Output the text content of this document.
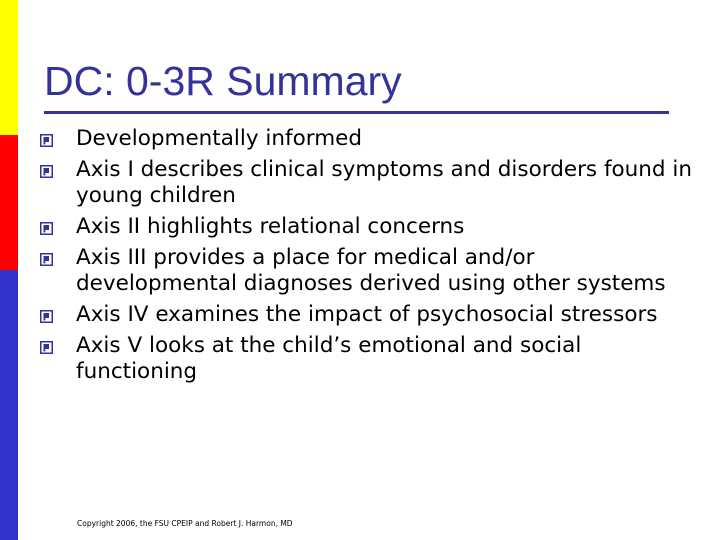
DC: 0-3R Summary
Developmentally informed
Axis I describes clinical symptoms and disorders found in young children
Axis II highlights relational concerns
Axis III provides a place for medical and/or developmental diagnoses derived using other systems
Axis IV examines the impact of psychosocial stressors
Axis V looks at the child’s emotional and social functioning
Copyright 2006, the FSU CPEIP and Robert J. Harmon, MD
